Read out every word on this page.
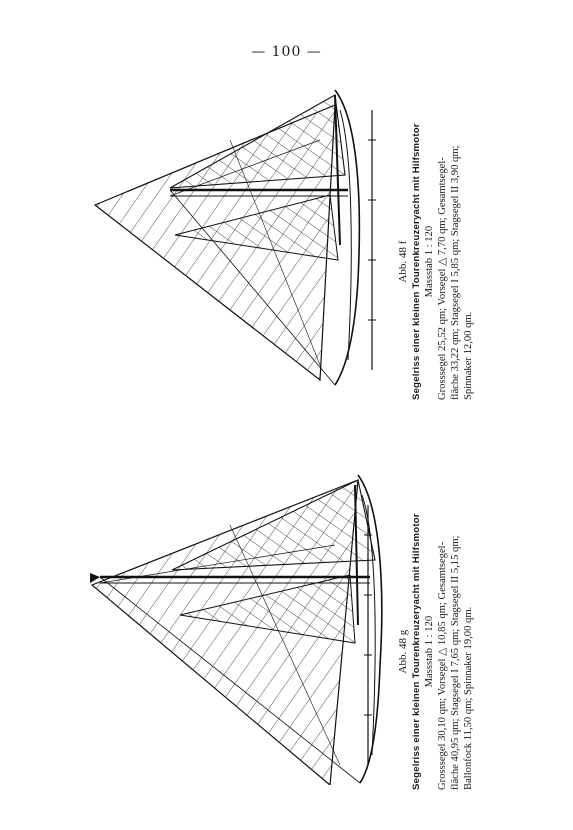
— 100 —
Abb. 48 g Segelriss einer kleinen Tourenkreuzeryacht mit Hilfsmotor Massstab 1 : 120 Grosssegel 30,10 qm; Vorsegel △ 10,85 qm; Gesamtsegel- fläche 40,95 qm; Stagsegel I 7,65 qm; Stagsegel II 5,15 qm; Ballonfock 11,50 qm; Spinnaker 19,00 qm.
Abb. 48 f Segelriss einer kleinen Tourenkreuzeryacht mit Hilfsmotor Massstab 1 : 120 Grosssegel 25,52 qm; Vorsegel △ 7,70 qm; Gesamtsegel- fläche 33,22 qm; Stagsegel I 5,85 qm; Stagsegel II 3,90 qm; Spinnaker 12,00 qm.
